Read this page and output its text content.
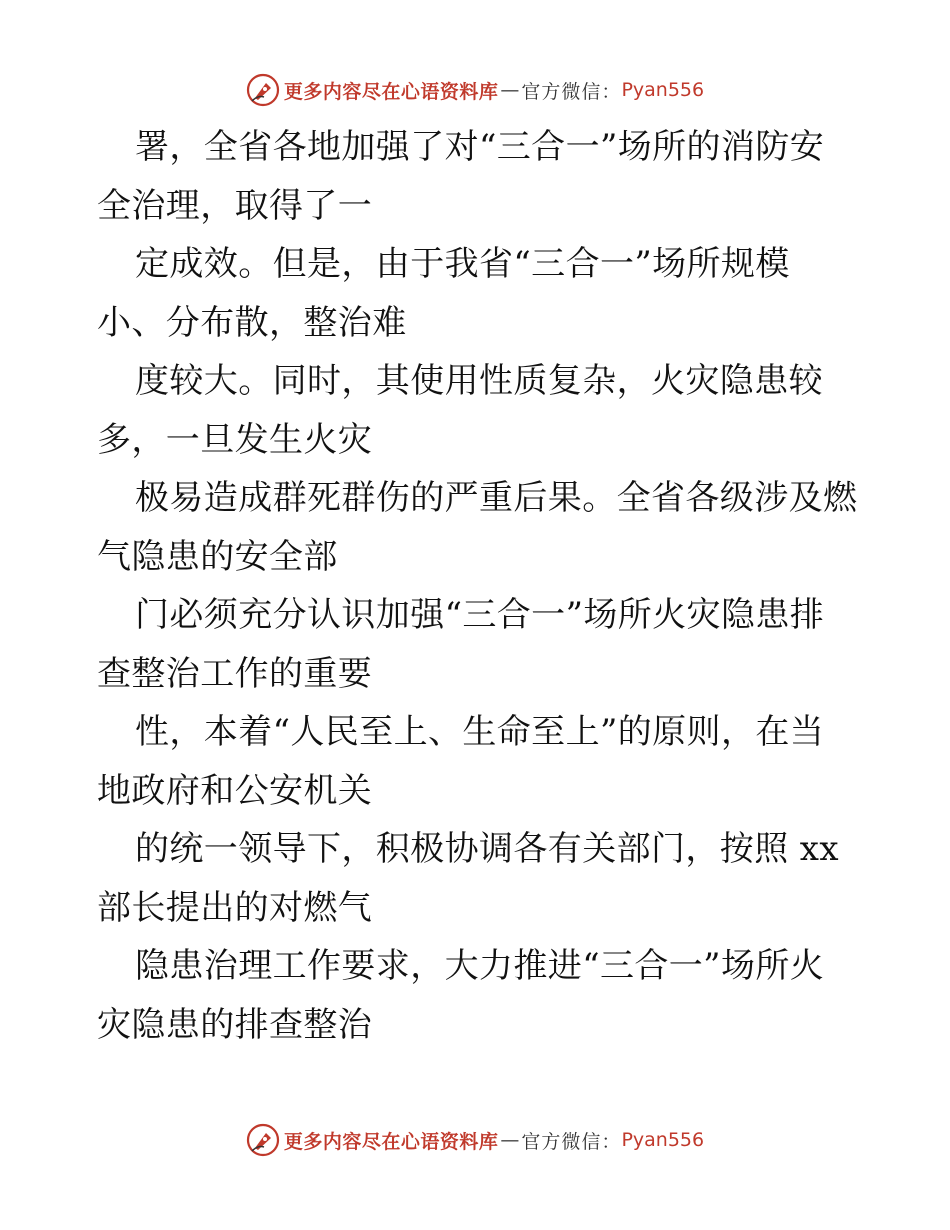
更多内容尽在心语资料库 — 官方微信： Pyan556
署，全省各地加强了对“三合一”场所的消防安
全治理，取得了一
定成效。但是，由于我省“三合一”场所规模
小、分布散，整治难
度较大。同时，其使用性质复杂，火灾隐患较
多，一旦发生火灾
极易造成群死群伤的严重后果。全省各级涉及燃
气隐患的安全部
门必须充分认识加强“三合一”场所火灾隐患排
查整治工作的重要
性，本着“人民至上、生命至上”的原则，在当
地政府和公安机关
的统一领导下，积极协调各有关部门，按照 xx
部长提出的对燃气
隐患治理工作要求，大力推进“三合一”场所火
灾隐患的排查整治
更多内容尽在心语资料库 — 官方微信： Pyan556
